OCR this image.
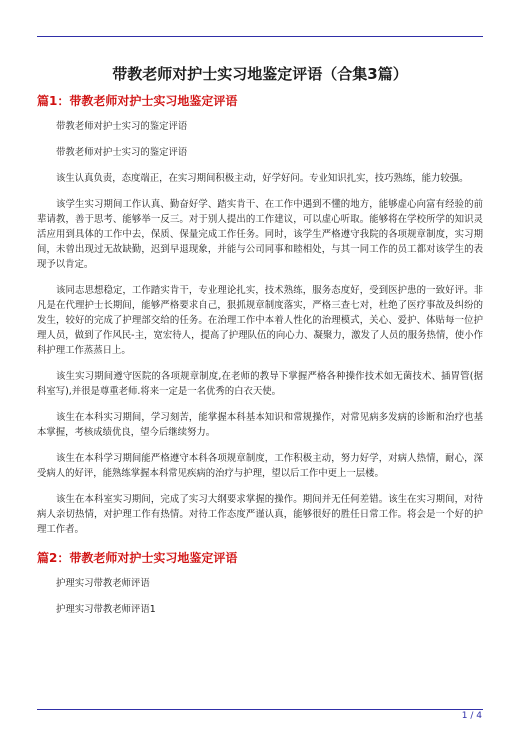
带教老师对护士实习地鉴定评语（合集3篇）
篇1：带教老师对护士实习地鉴定评语
带教老师对护士实习的鉴定评语
带教老师对护士实习的鉴定评语
该生认真负责，态度端正，在实习期间积极主动，好学好问。专业知识扎实，技巧熟练，能力较强。
该学生实习期间工作认真、勤奋好学、踏实肯干、在工作中遇到不懂的地方，能够虚心向富有经验的前辈请教，善于思考、能够举一反三。对于别人提出的工作建议，可以虚心听取。能够将在学校所学的知识灵活应用到具体的工作中去，保质、保量完成工作任务。同时，该学生严格遵守我院的各项规章制度，实习期间，未曾出现过无故缺勤，迟到早退现象，并能与公司同事和睦相处，与其一同工作的员工都对该学生的表现予以肯定。
该同志思想稳定，工作踏实肯干，专业理论扎实，技术熟练，服务态度好，受到医护患的一致好评。非凡是在代理护士长期间，能够严格要求自己，狠抓规章制度落实，严格三查七对，杜绝了医疗事故及纠纷的发生，较好的完成了护理部交给的任务。在治理工作中本着人性化的治理模式，关心、爱护、体贴每一位护理人员，做到了作风民-主，宽宏待人，提高了护理队伍的向心力、凝聚力，激发了人员的服务热情，使小作科护理工作蒸蒸日上。
该生实习期间遵守医院的各项规章制度,在老师的教导下掌握严格各种操作技术如无菌技术、插胃管(据科室写),并很是尊重老师.将来一定是一名优秀的白衣天使。
该生在本科实习期间，学习刻苦，能掌握本科基本知识和常规操作，对常见病多发病的诊断和治疗也基本掌握，考核成绩优良，望今后继续努力。
该生在本科学习期间能严格遵守本科各项规章制度，工作积极主动，努力好学，对病人热情，耐心，深受病人的好评，能熟练掌握本科常见疾病的治疗与护理，望以后工作中更上一层楼。
该生在本科室实习期间，完成了实习大纲要求掌握的操作。期间并无任何差错。该生在实习期间，对待病人亲切热情，对护理工作有热情。对待工作态度严谨认真，能够很好的胜任日常工作。将会是一个好的护理工作者。
篇2：带教老师对护士实习地鉴定评语
护理实习带教老师评语
护理实习带教老师评语1
1 / 4
